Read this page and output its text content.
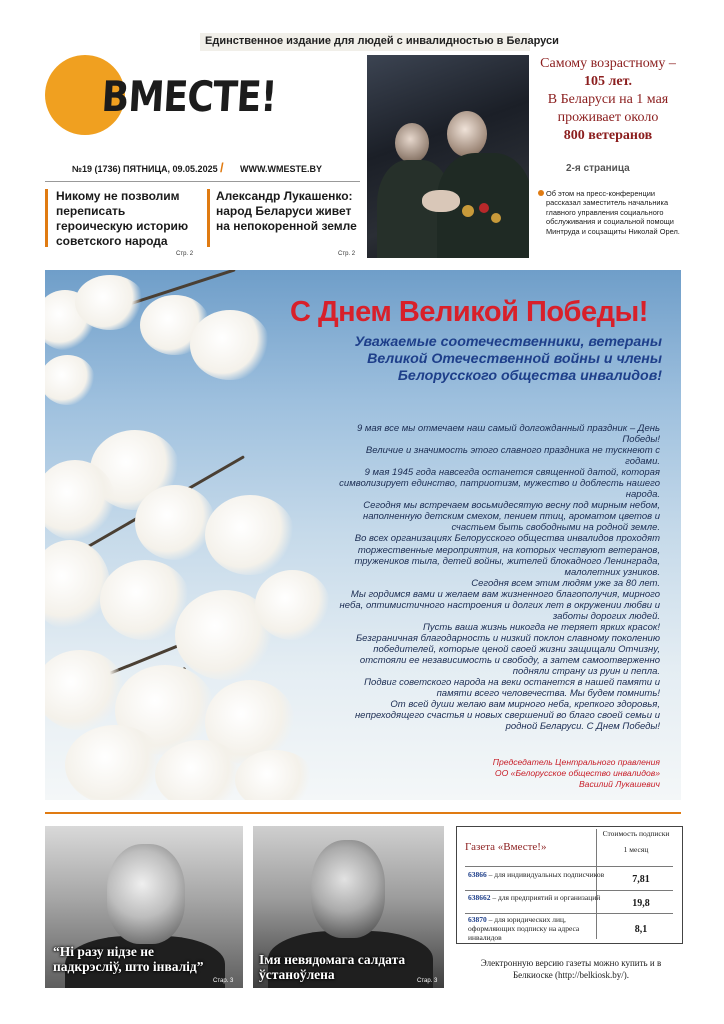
Единственное издание для людей с инвалидностью в Беларуси
ВМЕСТЕ!
№19 (1736) ПЯТНИЦА, 09.05.2025 / WWW.WMESTE.BY
Никому не позволим переписать героическую историю советского народа
Стр. 2
Александр Лукашенко: народ Беларуси живет на непокоренной земле
Стр. 2
Самому возрастному –
105 лет.
В Беларуси на 1 мая проживает около
800 ветеранов
2-я страница
Об этом на пресс-конференции рассказал заместитель начальника главного управления социального обслуживания и социальной помощи Минтруда и соцзащиты Николай Орел.
С Днем Великой Победы!
Уважаемые соотечественники, ветераны Великой Отечественной войны и члены Белорусского общества инвалидов!

9 мая все мы отмечаем наш самый долгожданный праздник – День Победы!

Величие и значимость этого славного праздника не тускнеют с годами.

9 мая 1945 года навсегда останется священной датой, которая символизирует единство, патриотизм, мужество и доблесть нашего народа.

Сегодня мы встречаем восьмидесятую весну под мирным небом, наполненную детским смехом, пением птиц, ароматом цветов и счастьем быть свободными на родной земле.

Во всех организациях Белорусского общества инвалидов проходят торжественные мероприятия, на которых чествуют ветеранов, тружеников тыла, детей войны, жителей блокадного Ленинграда, малолетних узников.

Сегодня всем этим людям уже за 80 лет.

Мы гордимся вами и желаем вам жизненного благополучия, мирного неба, оптимистичного настроения и долгих лет в окружении любви и заботы дорогих людей.

Пусть ваша жизнь никогда не теряет ярких красок!

Безграничная благодарность и низкий поклон славному поколению победителей, которые ценой своей жизни защищали Отчизну, отстояли ее независимость и свободу, а затем самоотверженно подняли страну из руин и пепла.

Подвиг советского народа на веки останется в нашей памяти и памяти всего человечества. Мы будем помнить!

От всей души желаю вам мирного неба, крепкого здоровья, непреходящего счастья и новых свершений во благо своей семьи и родной Беларуси. С Днем Победы!

Председатель Центрального правления
ОО «Белорусское общество инвалидов»
Василий Лукашевич
“Ні разу нідзе не
падкрэсліў, што інвалід”
Стар. 3
Імя невядомага салдата
ўстаноўлена	Стар. 3
Газета «Вместе!»
Стоимость подписки
1 месяц
63866 – для индивидуальных подписчиков	7,81
638662 – для предприятий и организаций
19,8
63870 – для юридических лиц, оформляющих подписку на адреса инвалидов
8,1
Электронную версию газеты можно купить и в Белкиоске (http://belkiosk.by/).
